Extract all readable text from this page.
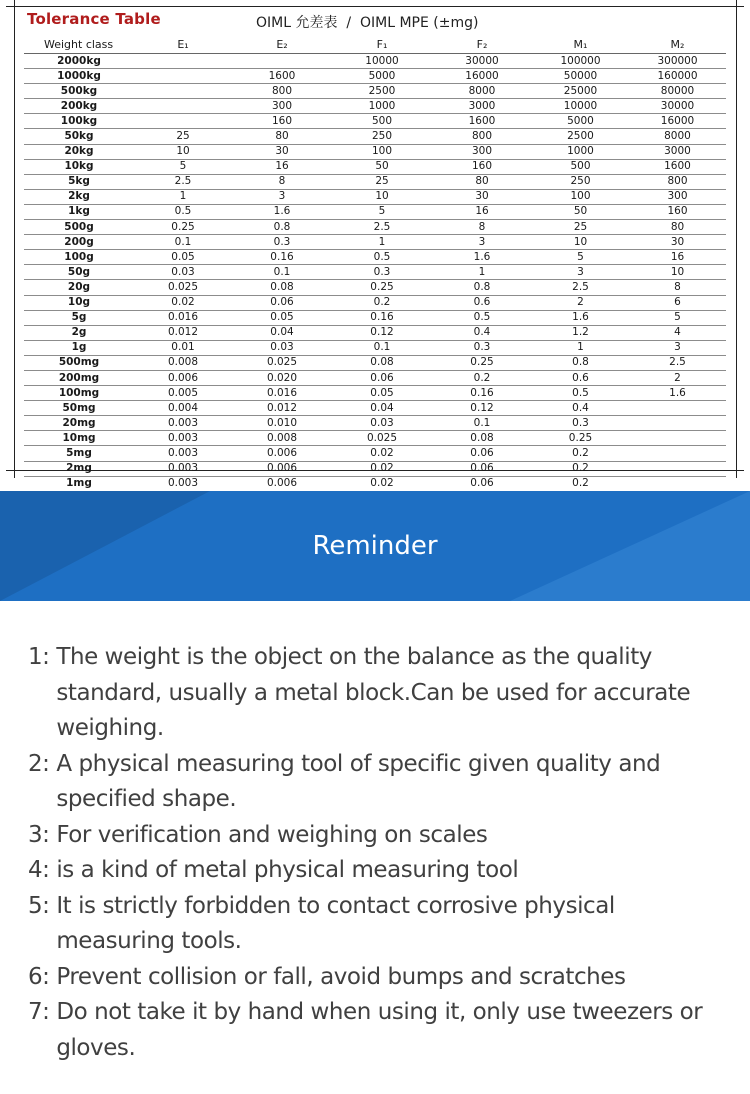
Tolerance Table	OIML 允差表  /  OIML MPE (±mg)
Weight class	E₁	E₂	F₁	F₂	M₁	M₂
2000kg			10000	30000	100000	300000
1000kg		1600	5000	16000	50000	160000
500kg		800	2500	8000	25000	80000
200kg		300	1000	3000	10000	30000
100kg		160	500	1600	5000	16000
50kg	25	80	250	800	2500	8000
20kg	10	30	100	300	1000	3000
10kg	5	16	50	160	500	1600
5kg	2.5	8	25	80	250	800
2kg	1	3	10	30	100	300
1kg	0.5	1.6	5	16	50	160
500g	0.25	0.8	2.5	8	25	80
200g	0.1	0.3	1	3	10	30
100g	0.05	0.16	0.5	1.6	5	16
50g	0.03	0.1	0.3	1	3	10
20g	0.025	0.08	0.25	0.8	2.5	8
10g	0.02	0.06	0.2	0.6	2	6
5g	0.016	0.05	0.16	0.5	1.6	5
2g	0.012	0.04	0.12	0.4	1.2	4
1g	0.01	0.03	0.1	0.3	1	3
500mg	0.008	0.025	0.08	0.25	0.8	2.5
200mg	0.006	0.020	0.06	0.2	0.6	2
100mg	0.005	0.016	0.05	0.16	0.5	1.6
50mg	0.004	0.012	0.04	0.12	0.4	
20mg	0.003	0.010	0.03	0.1	0.3	
10mg	0.003	0.008	0.025	0.08	0.25	
5mg	0.003	0.006	0.02	0.06	0.2	
2mg	0.003	0.006	0.02	0.06	0.2	
1mg	0.003	0.006	0.02	0.06	0.2	
Reminder
1: The weight is the object on the balance as the quality standard, usually a metal block.Can be used for accurate weighing.
2: A physical measuring tool of specific given quality and specified shape.
3: For verification and weighing on scales
4: is a kind of metal physical measuring tool
5: It is strictly forbidden to contact corrosive physical measuring tools.
6: Prevent collision or fall, avoid bumps and scratches
7: Do not take it by hand when using it, only use tweezers or gloves.
